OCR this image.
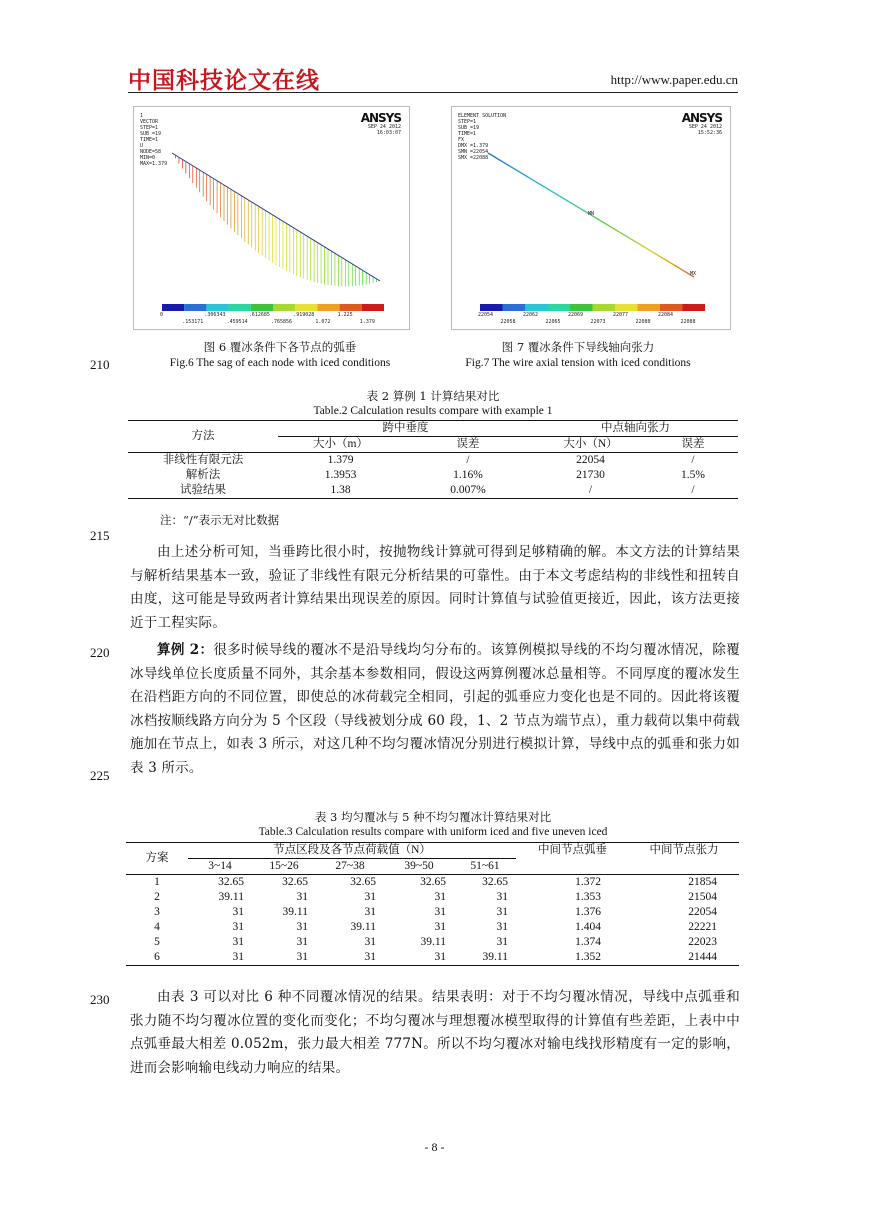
中国科技论文在线	http://www.paper.edu.cn
1
VECTOR
STEP=1
SUB =19
TIME=1
U
NODE=58
MIN=0
MAX=1.379
ANSYS
SEP 24 2012
16:03:07
0	.306343	.612685	.919028	1.225
.153171	.459514	.765856	1.072	1.379
ELEMENT SOLUTION
STEP=1
SUB =19
TIME=1
FX
DMX =1.379
SMN =22054
SMX =22088
ANSYS
SEP 24 2012
15:52:36
MN
MX
22054	22062	22069	22077	22084
22058	22065	22073	22080	22088
图 6 覆冰条件下各节点的弧垂
Fig.6 The sag of each node with iced conditions
图 7 覆冰条件下导线轴向张力
Fig.7 The wire axial tension with iced conditions
210
表 2 算例 1 计算结果对比
Table.2 Calculation results compare with example 1
方法	跨中垂度		中点轴向张力	
	大小（m）	误差	大小（N）	误差
非线性有限元法	1.379	/	22054	/
解析法	1.3953	1.16%	21730	1.5%
试验结果	1.38	0.007%	/	/
注：“/”表示无对比数据
215
由上述分析可知，当垂跨比很小时，按抛物线计算就可得到足够精确的解。本文方法的计算结果与解析结果基本一致，验证了非线性有限元分析结果的可靠性。由于本文考虑结构的非线性和扭转自由度，这可能是导致两者计算结果出现误差的原因。同时计算值与试验值更接近，因此，该方法更接近于工程实际。
220	算例 2：很多时候导线的覆冰不是沿导线均匀分布的。该算例模拟导线的不均匀覆冰情况，除覆冰导线单位长度质量不同外，其余基本参数相同，假设这两算例覆冰总量相等。不同厚度的覆冰发生在沿档距方向的不同位置，即使总的冰荷载完全相同，引起的弧垂应力变化也是不同的。因此将该覆冰档按顺线路方向分为 5 个区段（导线被划分成 60 段，1、2 节点为端节点），重力载荷以集中荷载施加在节点上，如表 3 所示，对这几种不均匀覆冰情况分别进行模拟计算，导线中点的弧垂和张力如表 3 所示。
225
表 3 均匀覆冰与 5 种不均匀覆冰计算结果对比
Table.3 Calculation results compare with uniform iced and five uneven iced
方案	节点区段及各节点荷载值（N）					中间节点弧垂	中间节点张力
	3~14	15~26	27~38	39~50	51~61		
1	32.65	32.65	32.65	32.65	32.65	1.372	21854
2	39.11	31	31	31	31	1.353	21504
3	31	39.11	31	31	31	1.376	22054
4	31	31	39.11	31	31	1.404	22221
5	31	31	31	39.11	31	1.374	22023
6	31	31	31	31	39.11	1.352	21444
230	由表 3 可以对比 6 种不同覆冰情况的结果。结果表明：对于不均匀覆冰情况，导线中点弧垂和张力随不均匀覆冰位置的变化而变化；不均匀覆冰与理想覆冰模型取得的计算值有些差距，上表中中点弧垂最大相差 0.052m，张力最大相差 777N。所以不均匀覆冰对输电线找形精度有一定的影响，进而会影响输电线动力响应的结果。
- 8 -
